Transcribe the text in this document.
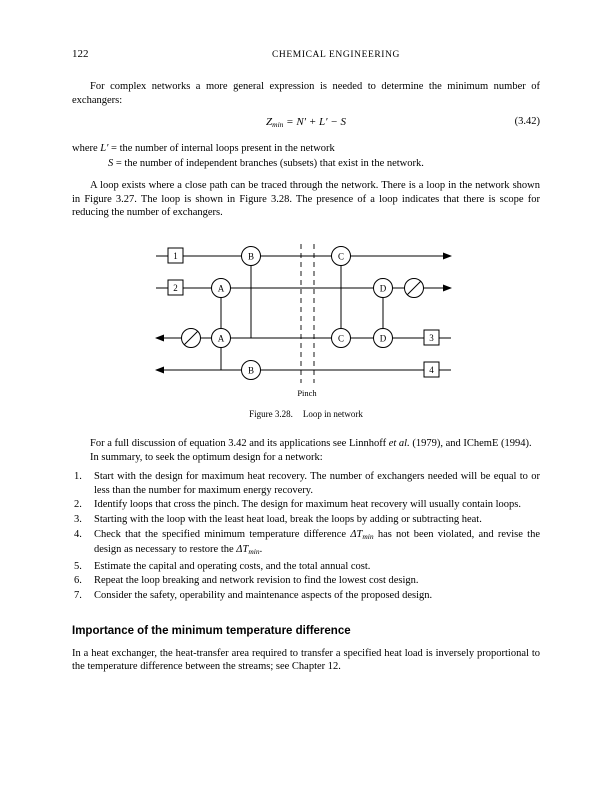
122	CHEMICAL ENGINEERING

For complex networks a more general expression is needed to determine the minimum number of exchangers:

$Z_{min} = N' + L' - S$	(3.42)
where L′ = the number of internal loops present in the network
S = the number of independent branches (subsets) that exist in the network.

A loop exists where a close path can be traced through the network. There is a loop in the network shown in Figure 3.27. The loop is shown in Figure 3.28. The presence of a loop indicates that there is scope for reducing the number of exchangers.

B	C
A	D
A	C	D
B
1
2
3
4
Pinch
Figure 3.28. Loop in network

For a full discussion of equation 3.42 and its applications see Linnhoff et al. (1979), and IChemE (1994).

In summary, to seek the optimum design for a network:

1.	Start with the design for maximum heat recovery. The number of exchangers needed will be equal to or less than the number for maximum energy recovery.
2.	Identify loops that cross the pinch. The design for maximum heat recovery will usually contain loops.
3.	Starting with the loop with the least heat load, break the loops by adding or subtracting heat.
4.	Check that the specified minimum temperature difference ΔTmin has not been violated, and revise the design as necessary to restore the ΔTmin.
5.	Estimate the capital and operating costs, and the total annual cost.
6.	Repeat the loop breaking and network revision to find the lowest cost design.
7.	Consider the safety, operability and maintenance aspects of the proposed design.
Importance of the minimum temperature difference

In a heat exchanger, the heat-transfer area required to transfer a specified heat load is inversely proportional to the temperature difference between the streams; see Chapter 12.
